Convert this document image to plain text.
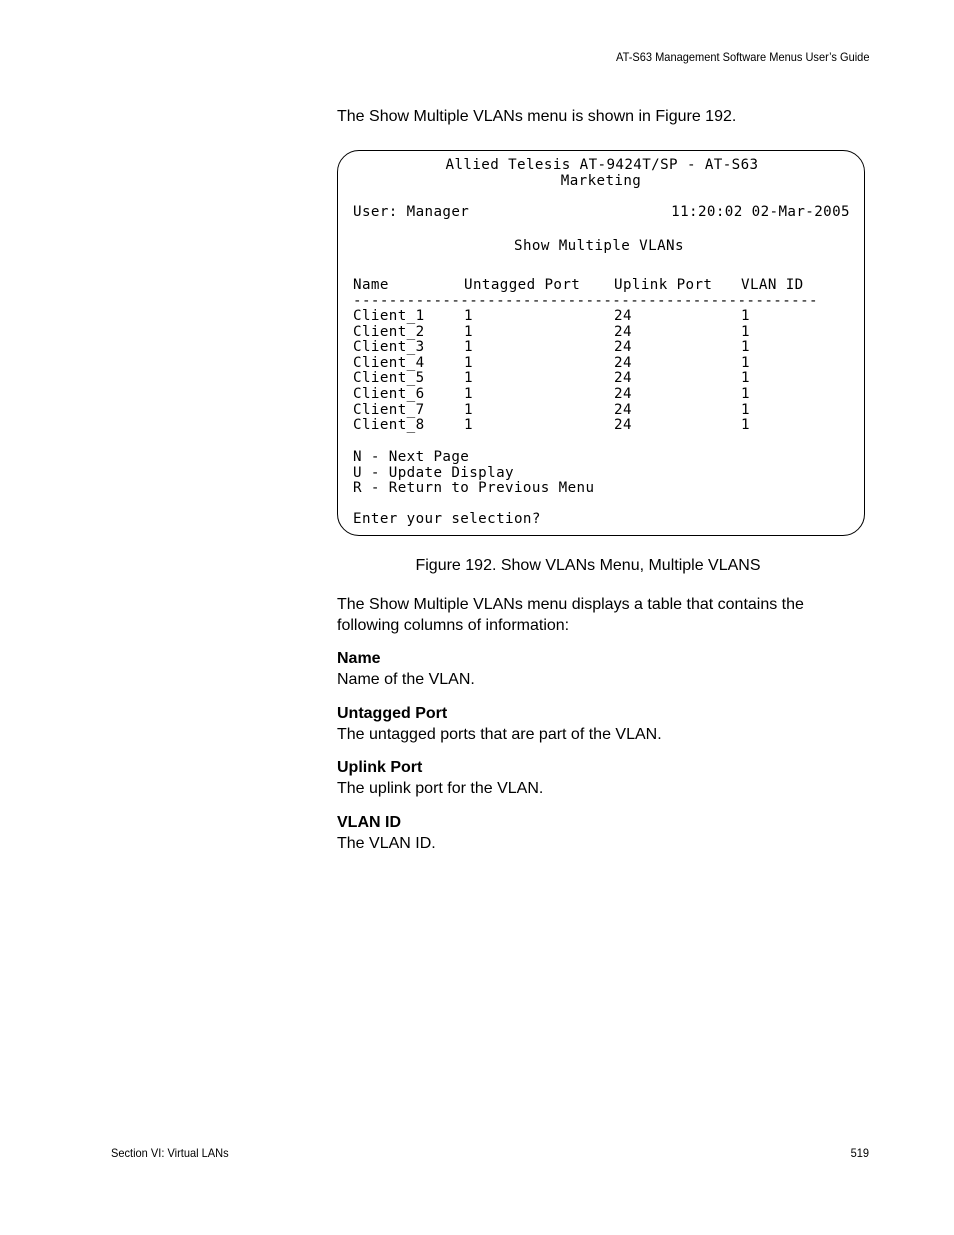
AT-S63 Management Software Menus User’s Guide
The Show Multiple VLANs menu is shown in Figure 192.
Allied Telesis AT-9424T/SP - AT-S63
Marketing
User: Manager	11:20:02 02-Mar-2005
Show Multiple VLANs
Name	Untagged Port Uplink Port VLAN ID
----------------------------------------------------
Client_1	1	24	1
Client_2	1	24	1
Client_3	1	24	1
Client_4	1	24	1
Client_5	1	24	1
Client_6	1	24	1
Client_7	1	24	1
Client_8	1	24	1
N - Next Page
U - Update Display
R - Return to Previous Menu
Enter your selection?
Figure 192. Show VLANs Menu, Multiple VLANS
The Show Multiple VLANs menu displays a table that contains the following columns of information:
Name
Name of the VLAN.
Untagged Port
The untagged ports that are part of the VLAN.
Uplink Port
The uplink port for the VLAN.
VLAN ID
The VLAN ID.
Section VI: Virtual LANs	519
